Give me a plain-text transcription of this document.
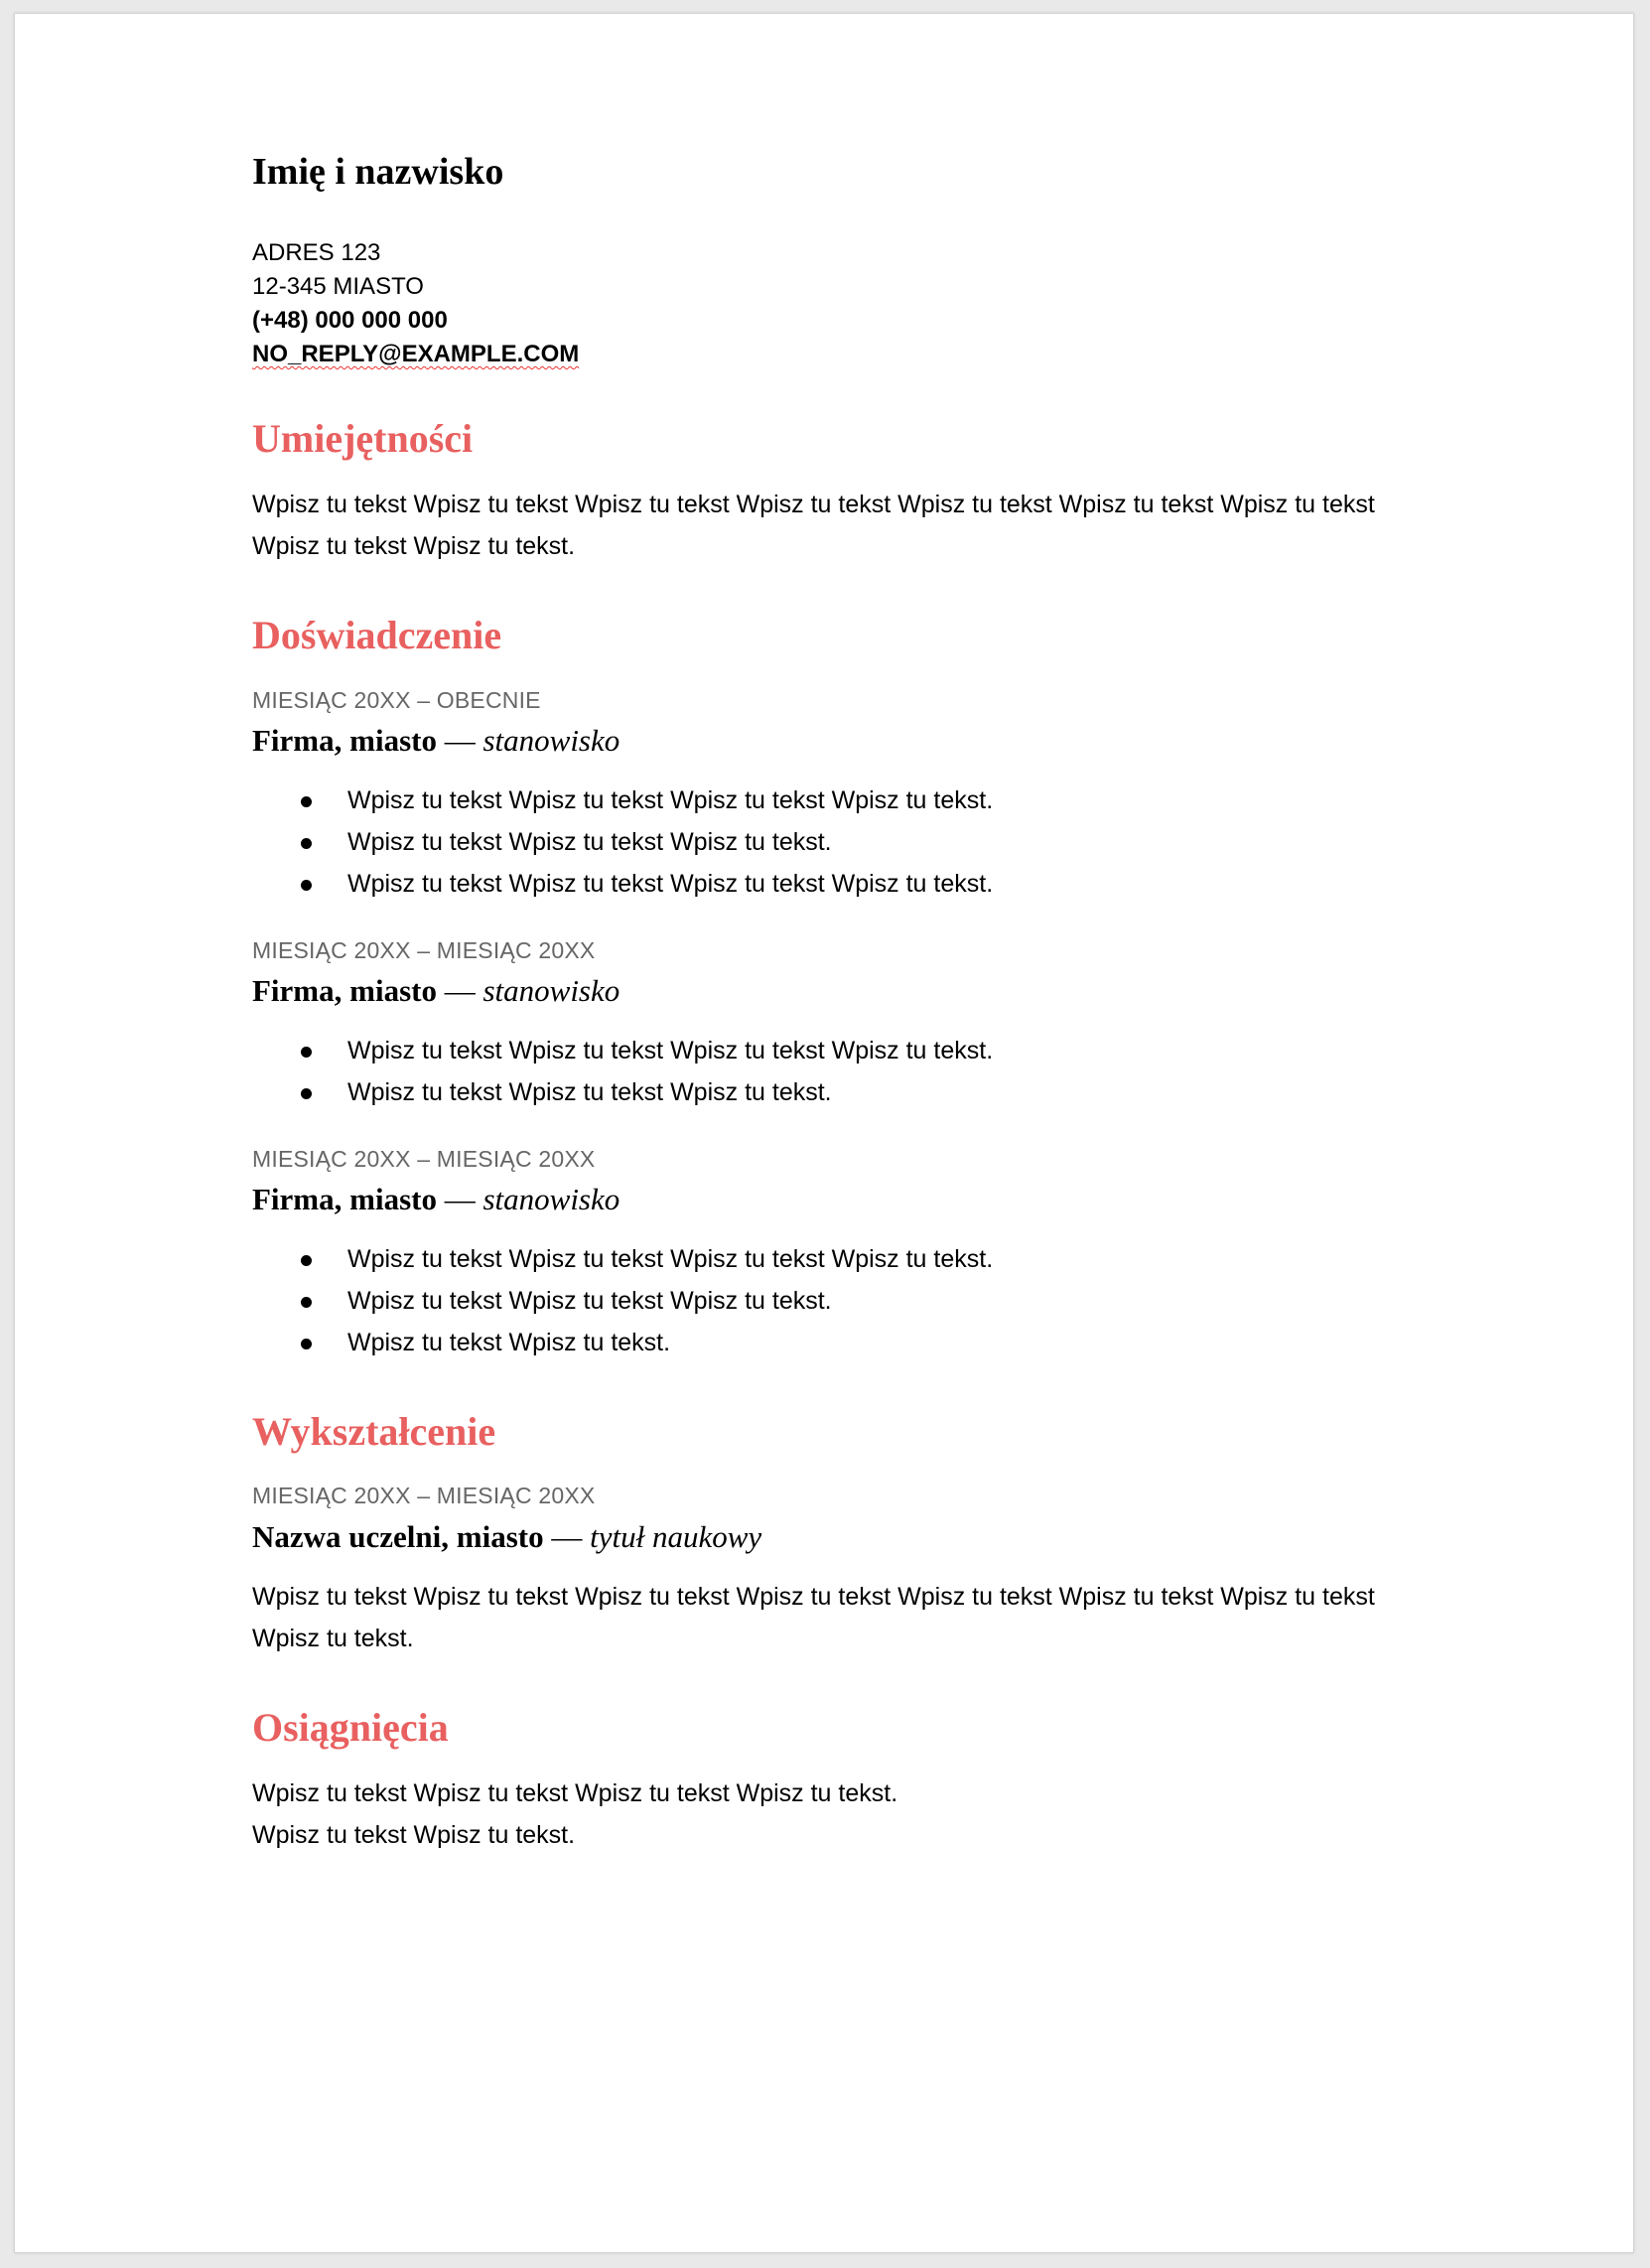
Imię i nazwisko
ADRES 123
12-345 MIASTO
(+48) 000 000 000
NO_REPLY@EXAMPLE.COM
Umiejętności
Wpisz tu tekst Wpisz tu tekst Wpisz tu tekst Wpisz tu tekst Wpisz tu tekst Wpisz tu tekst Wpisz tu tekst Wpisz tu tekst Wpisz tu tekst.
Doświadczenie
MIESIĄC 20XX – OBECNIE
Firma, miasto — stanowisko
Wpisz tu tekst Wpisz tu tekst Wpisz tu tekst Wpisz tu tekst.
Wpisz tu tekst Wpisz tu tekst Wpisz tu tekst.
Wpisz tu tekst Wpisz tu tekst Wpisz tu tekst Wpisz tu tekst.
MIESIĄC 20XX – MIESIĄC 20XX
Firma, miasto — stanowisko
Wpisz tu tekst Wpisz tu tekst Wpisz tu tekst Wpisz tu tekst.
Wpisz tu tekst Wpisz tu tekst Wpisz tu tekst.
MIESIĄC 20XX – MIESIĄC 20XX
Firma, miasto — stanowisko
Wpisz tu tekst Wpisz tu tekst Wpisz tu tekst Wpisz tu tekst.
Wpisz tu tekst Wpisz tu tekst Wpisz tu tekst.
Wpisz tu tekst Wpisz tu tekst.
Wykształcenie
MIESIĄC 20XX – MIESIĄC 20XX
Nazwa uczelni, miasto — tytuł naukowy
Wpisz tu tekst Wpisz tu tekst Wpisz tu tekst Wpisz tu tekst Wpisz tu tekst Wpisz tu tekst Wpisz tu tekst Wpisz tu tekst.
Osiągnięcia
Wpisz tu tekst Wpisz tu tekst Wpisz tu tekst Wpisz tu tekst.
Wpisz tu tekst Wpisz tu tekst.
